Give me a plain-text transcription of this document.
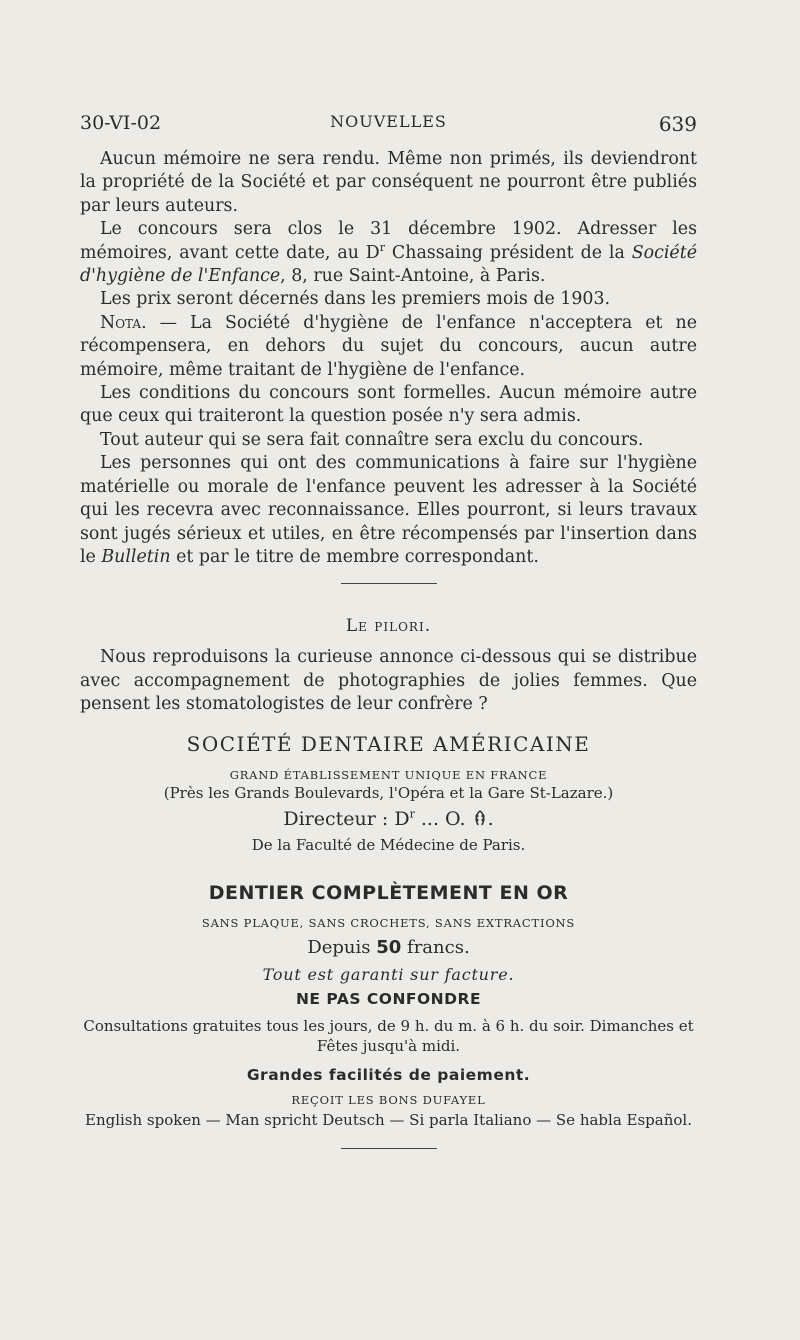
30-VI-02	NOUVELLES	639

Aucun mémoire ne sera rendu. Même non primés, ils deviendront la propriété de la Société et par conséquent ne pourront être publiés par leurs auteurs.

Le concours sera clos le 31 décembre 1902. Adresser les mémoires, avant cette date, au $D^r$ Chassaing président de la Société d'hygiène de l'Enfance, 8, rue Saint-Antoine, à Paris.

Les prix seront décernés dans les premiers mois de 1903.

Nota. — La Société d'hygiène de l'enfance n'acceptera et ne récompensera, en dehors du sujet du concours, aucun autre mémoire, même traitant de l'hygiène de l'enfance.

Les conditions du concours sont formelles. Aucun mémoire autre que ceux qui traiteront la question posée n'y sera admis.

Tout auteur qui se sera fait connaître sera exclu du concours.

Les personnes qui ont des communications à faire sur l'hygiène matérielle ou morale de l'enfance peuvent les adresser à la Société qui les recevra avec reconnaissance. Elles pourront, si leurs travaux sont jugés sérieux et utiles, en être récompensés par l'insertion dans le Bulletin et par le titre de membre correspondant.

Le pilori.

Nous reproduisons la curieuse annonce ci-dessous qui se distribue avec accompagnement de photographies de jolies femmes. Que pensent les stomatologistes de leur confrère ?

SOCIÉTÉ DENTAIRE AMÉRICAINE

GRAND ÉTABLISSEMENT UNIQUE EN FRANCE

(Près les Grands Boulevards, l'Opéra et la Gare St-Lazare.)

Directeur : $D^r$ ... O. .

De la Faculté de Médecine de Paris.

DENTIER COMPLÈTEMENT EN OR

SANS PLAQUE, SANS CROCHETS, SANS EXTRACTIONS

Depuis 50 francs.

Tout est garanti sur facture.

NE PAS CONFONDRE

Consultations gratuites tous les jours, de 9 h. du m. à 6 h. du soir. Dimanches et Fêtes jusqu'à midi.

Grandes facilités de paiement.

REÇOIT LES BONS DUFAYEL

English spoken — Man spricht Deutsch — Si parla Italiano — Se habla Español.
